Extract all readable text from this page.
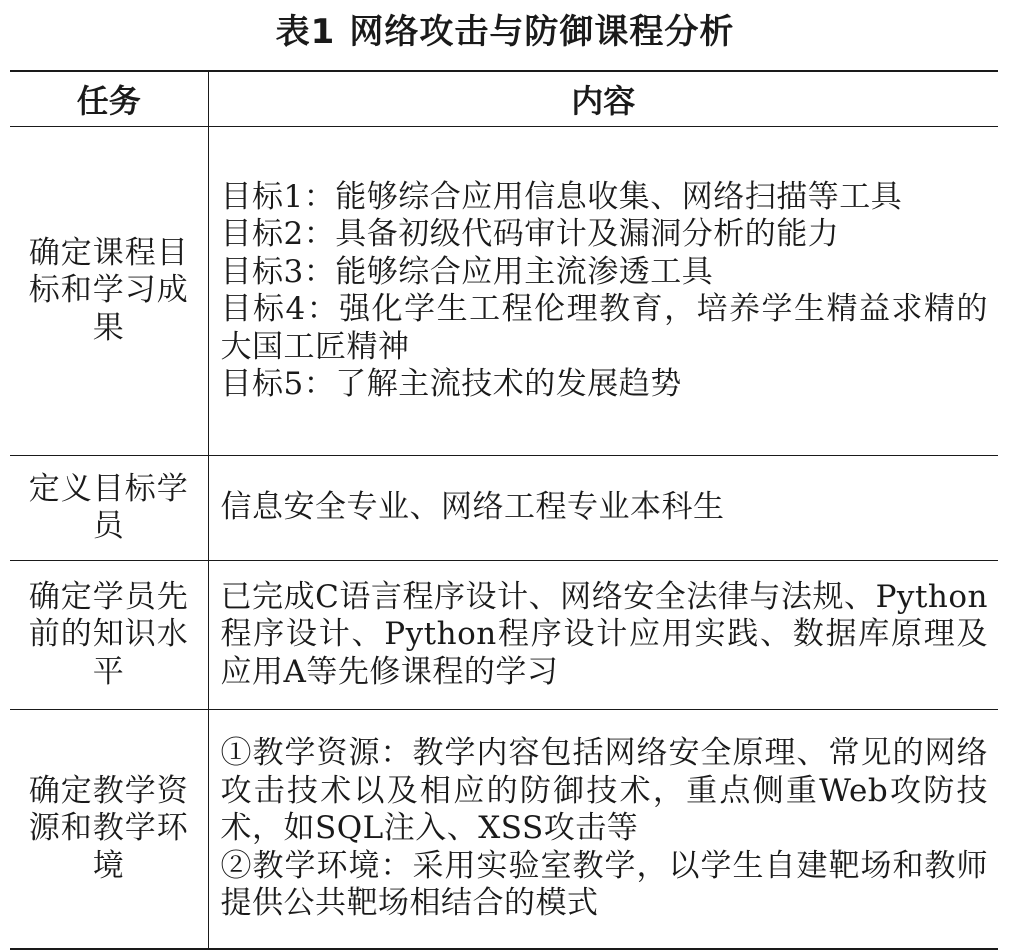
表1 网络攻击与防御课程分析
任务	内容
确定课程目标和学习成果	目标1：能够综合应用信息收集、网络扫描等工具
目标2：具备初级代码审计及漏洞分析的能力
目标3：能够综合应用主流渗透工具
目标4：强化学生工程伦理教育，培养学生精益求精的大国工匠精神
目标5：了解主流技术的发展趋势

定义目标学员	信息安全专业、网络工程专业本科生

确定学员先前的知识水平	已完成C语言程序设计、网络安全法律与法规、Python程序设计、Python程序设计应用实践、数据库原理及应用A等先修课程的学习

确定教学资源和教学环境	①教学资源：教学内容包括网络安全原理、常见的网络攻击技术以及相应的防御技术，重点侧重Web攻防技术，如SQL注入、XSS攻击等
②教学环境：采用实验室教学，以学生自建靶场和教师提供公共靶场相结合的模式
